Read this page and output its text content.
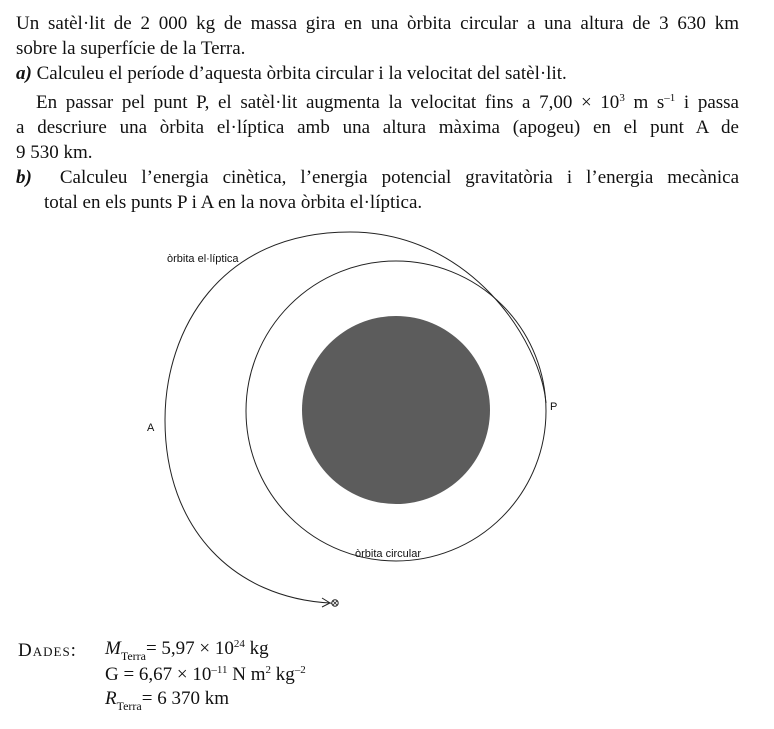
Un satèl·lit de 2 000 kg de massa gira en una òrbita circular a una altura de 3 630 km
sobre la superfície de la Terra.
a) Calculeu el període d’aquesta òrbita circular i la velocitat del satèl·lit.
En passar pel punt P, el satèl·lit augmenta la velocitat fins a $7,00 \times 10^3$ m $s^{-1}$ i passa
a descriure una òrbita el·líptica amb una altura màxima (apogeu) en el punt A de
9 530 km.
b) Calculeu l’energia cinètica, l’energia potencial gravitatòria i l’energia mecànica
total en els punts P i A en la nova òrbita el·líptica.
òrbita el·líptica
òrbita circular
P
A
Dades: $M_{Terra}= 5,97 \times 10^{24}$ kg
$G = 6,67 \times 10^{-11}$ N $m^2$ $kg^{-2}$
$R_{Terra}= 6$ 370 km
